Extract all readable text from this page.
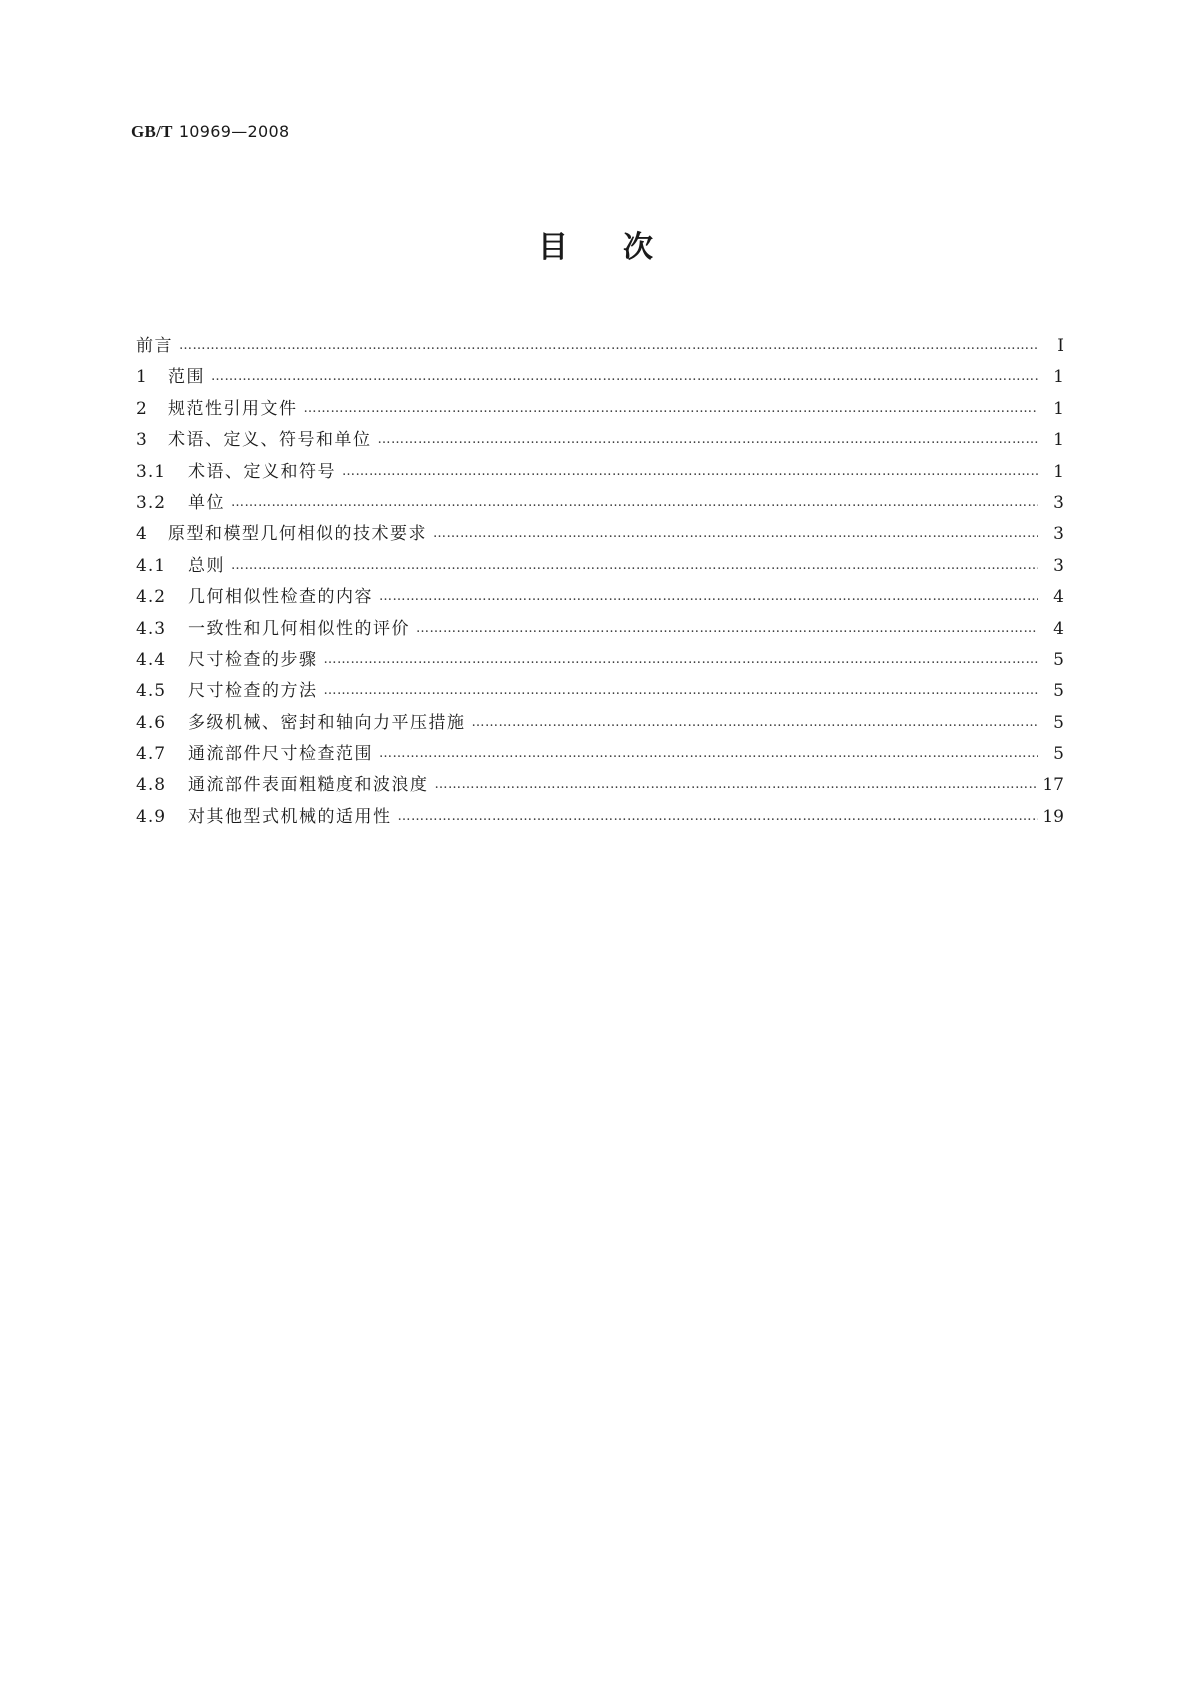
GB/T 10969—2008
目次
前言 ……………………………………………………………………………………………………………………………………………………………………………………………………………………	Ⅰ
1	范围 ……………………………………………………………………………………………………………………………………………………………………………………………………………………	1
2	规范性引用文件 ……………………………………………………………………………………………………………………………………………………………………………………………………………………	1
3	术语、定义、符号和单位 ……………………………………………………………………………………………………………………………………………………………………………………………………………………	1
3.1	术语、定义和符号 ……………………………………………………………………………………………………………………………………………………………………………………………………………………	1
3.2	单位 ……………………………………………………………………………………………………………………………………………………………………………………………………………………	3
4	原型和模型几何相似的技术要求 ……………………………………………………………………………………………………………………………………………………………………………………………………………………	3
4.1	总则 ……………………………………………………………………………………………………………………………………………………………………………………………………………………	3
4.2	几何相似性检查的内容 ……………………………………………………………………………………………………………………………………………………………………………………………………………………	4
4.3	一致性和几何相似性的评价 ……………………………………………………………………………………………………………………………………………………………………………………………………………………	4
4.4	尺寸检查的步骤 ……………………………………………………………………………………………………………………………………………………………………………………………………………………	5
4.5	尺寸检查的方法 ……………………………………………………………………………………………………………………………………………………………………………………………………………………	5
4.6	多级机械、密封和轴向力平压措施 ……………………………………………………………………………………………………………………………………………………………………………………………………………………	5
4.7	通流部件尺寸检查范围 ……………………………………………………………………………………………………………………………………………………………………………………………………………………	5
4.8	通流部件表面粗糙度和波浪度 ……………………………………………………………………………………………………………………………………………………………………………………………………………………	17
4.9	对其他型式机械的适用性 ……………………………………………………………………………………………………………………………………………………………………………………………………………………	19
